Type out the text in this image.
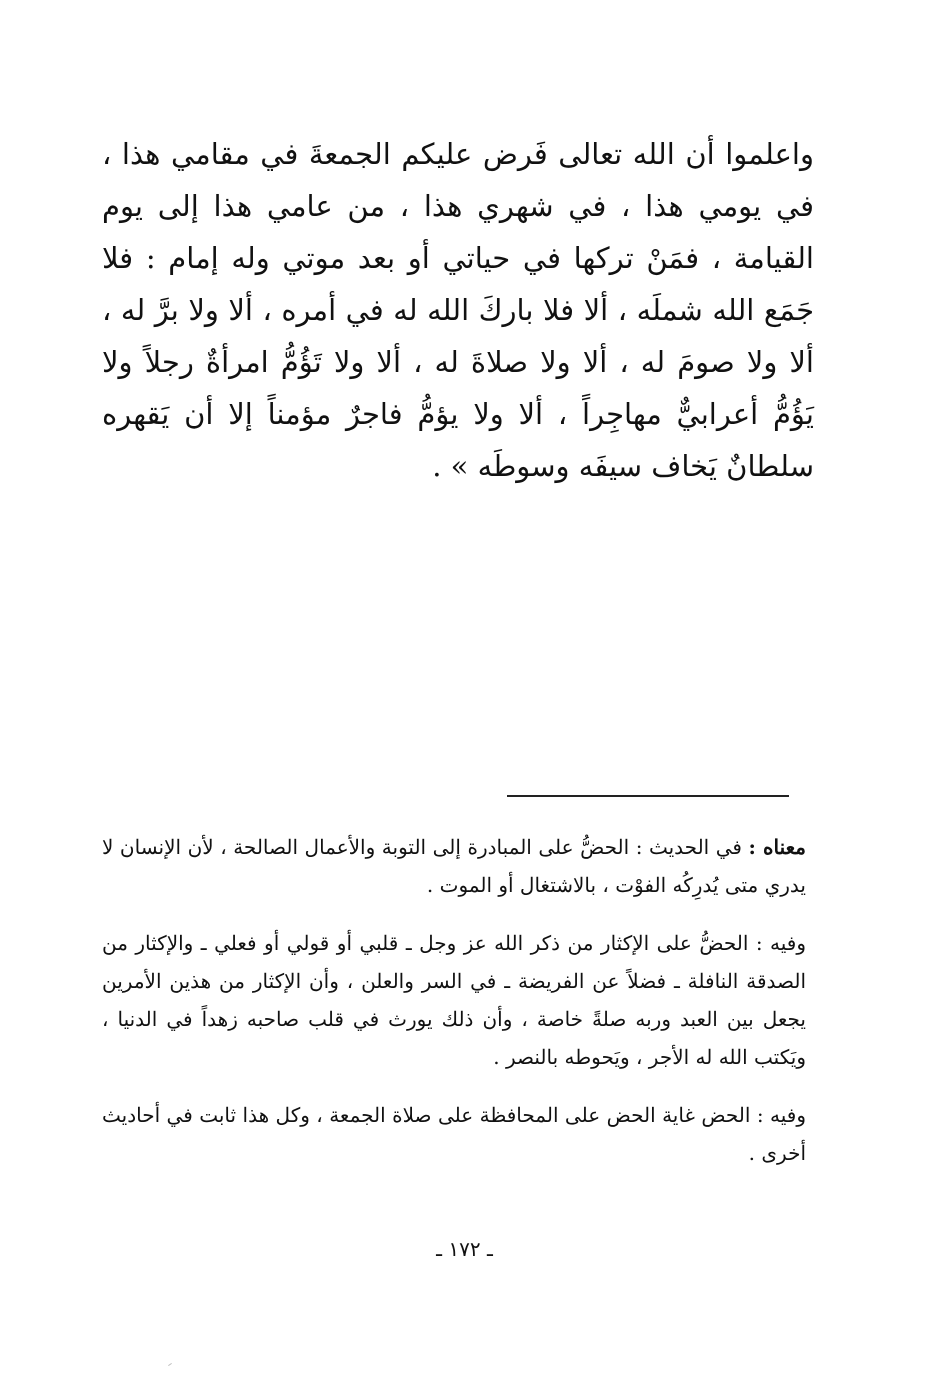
واعلموا أن الله تعالى فَرض عليكم الجمعةَ في مقامي هذا ، في يومي هذا ، في شهري هذا ، من عامي هذا إلى يوم القيامة ، فمَنْ تركها في حياتي أو بعد موتي وله إمام : فلا جَمَع الله شملَه ، ألا فلا باركَ الله له في أمره ، ألا ولا برَّ له ، ألا ولا صومَ له ، ألا ولا صلاةَ له ، ألا ولا تَؤُمُّ امرأةٌ رجلاً ولا يَؤُمُّ أعرابيٌّ مهاجِراً ، ألا ولا يؤمُّ فاجرٌ مؤمناً إلا أن يَقهره سلطانٌ يَخاف سيفَه وسوطَه » .

معناه : في الحديث : الحضُّ على المبادرة إلى التوبة والأعمال الصالحة ، لأن الإنسان لا يدري متى يُدرِكُه الفوْت ، بالاشتغال أو الموت .

وفيه : الحضُّ على الإكثار من ذكر الله عز وجل ـ قلبي أو قولي أو فعلي ـ والإكثار من الصدقة النافلة ـ فضلاً عن الفريضة ـ في السر والعلن ، وأن الإكثار من هذين الأمرين يجعل بين العبد وربه صلةً خاصة ، وأن ذلك يورث في قلب صاحبه زهداً في الدنيا ، ويَكتب الله له الأجر ، ويَحوطه بالنصر .

وفيه : الحض غاية الحض على المحافظة على صلاة الجمعة ، وكل هذا ثابت في أحاديث أخرى .

ـ ١٧٢ ـ
